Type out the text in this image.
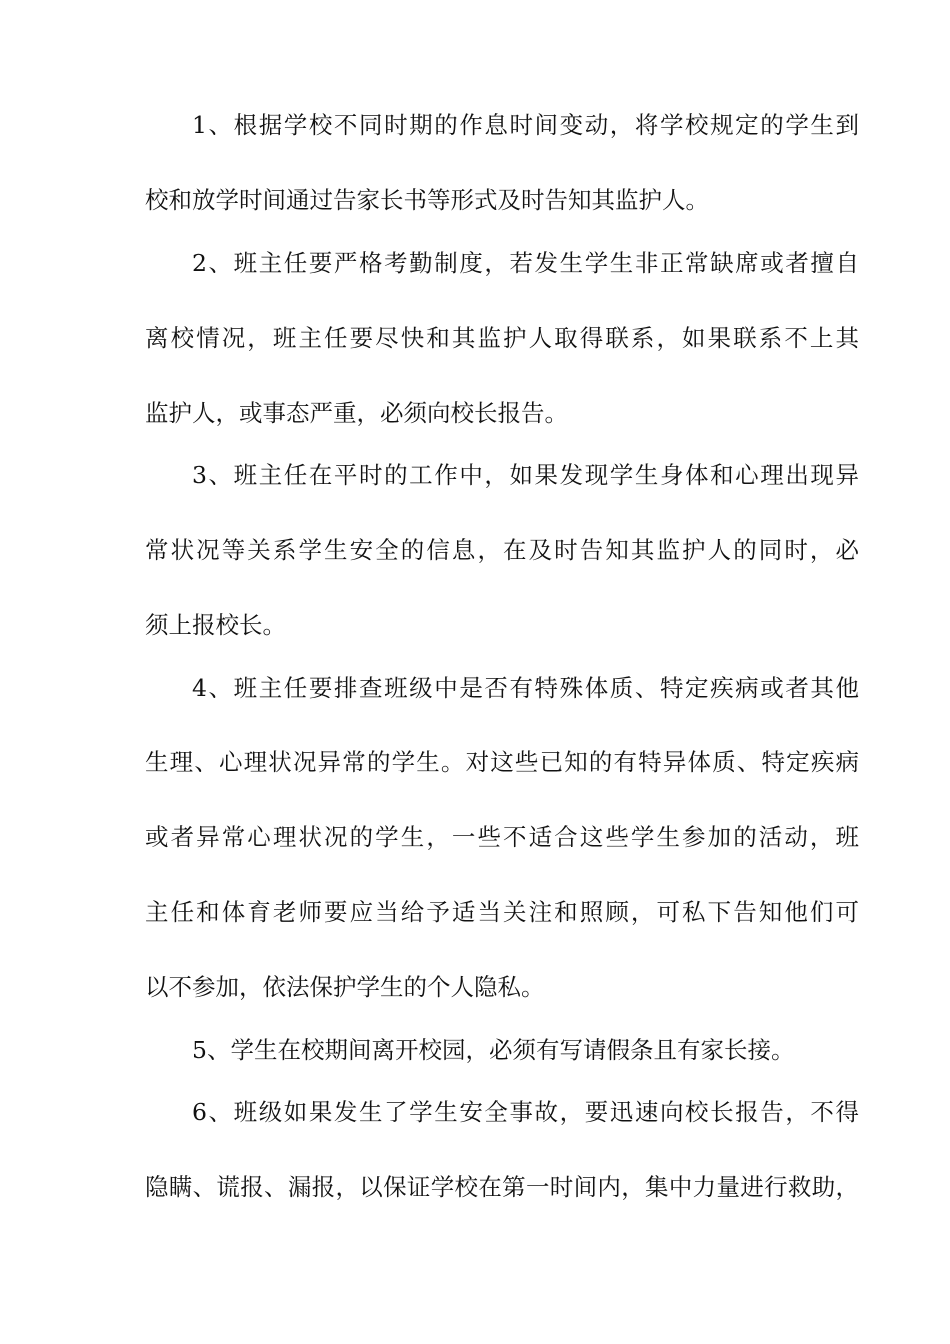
1、根据学校不同时期的作息时间变动，将学校规定的学生到
校和放学时间通过告家长书等形式及时告知其监护人。
2、班主任要严格考勤制度，若发生学生非正常缺席或者擅自
离校情况，班主任要尽快和其监护人取得联系，如果联系不上其
监护人，或事态严重，必须向校长报告。
3、班主任在平时的工作中，如果发现学生身体和心理出现异
常状况等关系学生安全的信息，在及时告知其监护人的同时，必
须上报校长。
4、班主任要排查班级中是否有特殊体质、特定疾病或者其他
生理、心理状况异常的学生。对这些已知的有特异体质、特定疾病
或者异常心理状况的学生，一些不适合这些学生参加的活动，班
主任和体育老师要应当给予适当关注和照顾，可私下告知他们可
以不参加，依法保护学生的个人隐私。
5、学生在校期间离开校园，必须有写请假条且有家长接。
6、班级如果发生了学生安全事故，要迅速向校长报告，不得
隐瞒、谎报、漏报，以保证学校在第一时间内，集中力量进行救助，
